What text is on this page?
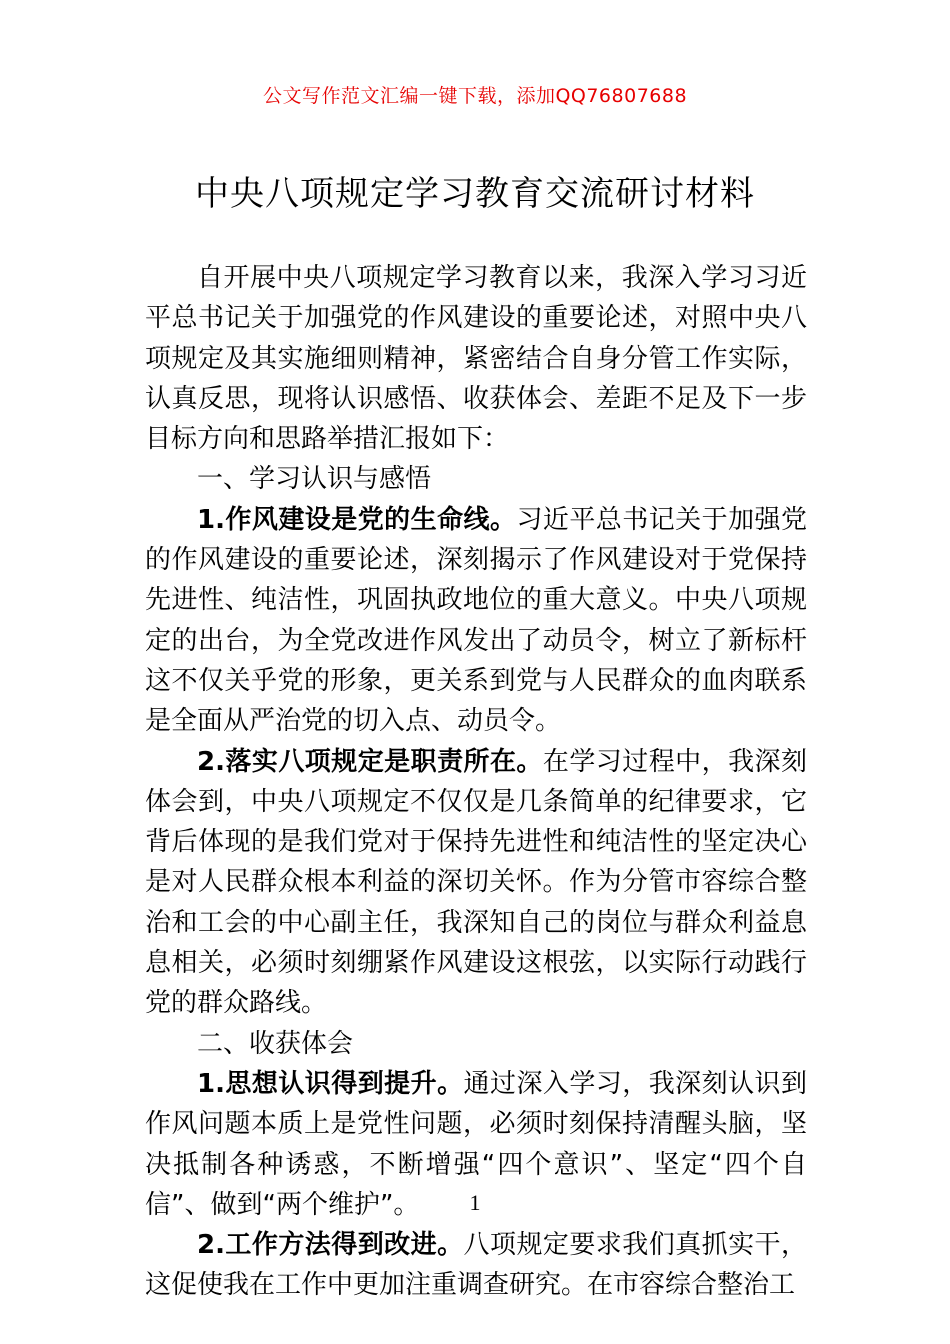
公文写作范文汇编一键下载，添加QQ76807688
中央八项规定学习教育交流研讨材料

自开展中央八项规定学习教育以来，我深入学习习近平总书记关于加强党的作风建设的重要论述，对照中央八项规定及其实施细则精神，紧密结合自身分管工作实际，认真反思，现将认识感悟、收获体会、差距不足及下一步目标方向和思路举措汇报如下：

一、学习认识与感悟

1.作风建设是党的生命线。习近平总书记关于加强党的作风建设的重要论述，深刻揭示了作风建设对于党保持先进性、纯洁性，巩固执政地位的重大意义。中央八项规定的出台，为全党改进作风发出了动员令，树立了新标杆这不仅关乎党的形象，更关系到党与人民群众的血肉联系是全面从严治党的切入点、动员令。

2.落实八项规定是职责所在。在学习过程中，我深刻体会到，中央八项规定不仅仅是几条简单的纪律要求，它背后体现的是我们党对于保持先进性和纯洁性的坚定决心是对人民群众根本利益的深切关怀。作为分管市容综合整治和工会的中心副主任，我深知自己的岗位与群众利益息息相关，必须时刻绷紧作风建设这根弦，以实际行动践行党的群众路线。

二、收获体会

1.思想认识得到提升。通过深入学习，我深刻认识到作风问题本质上是党性问题，必须时刻保持清醒头脑，坚决抵制各种诱惑，不断增强“四个意识”、坚定“四个自信”、做到“两个维护”。

2.工作方法得到改进。八项规定要求我们真抓实干，这促使我在工作中更加注重调查研究。在市容综合整治工

1
